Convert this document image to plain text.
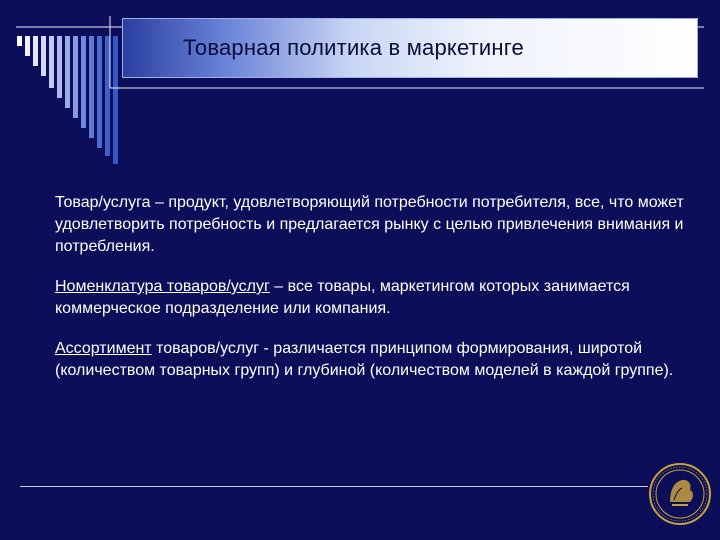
Товарная политика в маркетинге

Товар/услуга – продукт, удовлетворяющий потребности потребителя, все, что может удовлетворить потребность и предлагается рынку с целью привлечения внимания и потребления.

Номенклатура товаров/услуг – все товары, маркетингом которых занимается коммерческое подразделение или компания.

Ассортимент товаров/услуг - различается принципом формирования, широтой (количеством товарных групп) и глубиной (количеством моделей в каждой группе).
